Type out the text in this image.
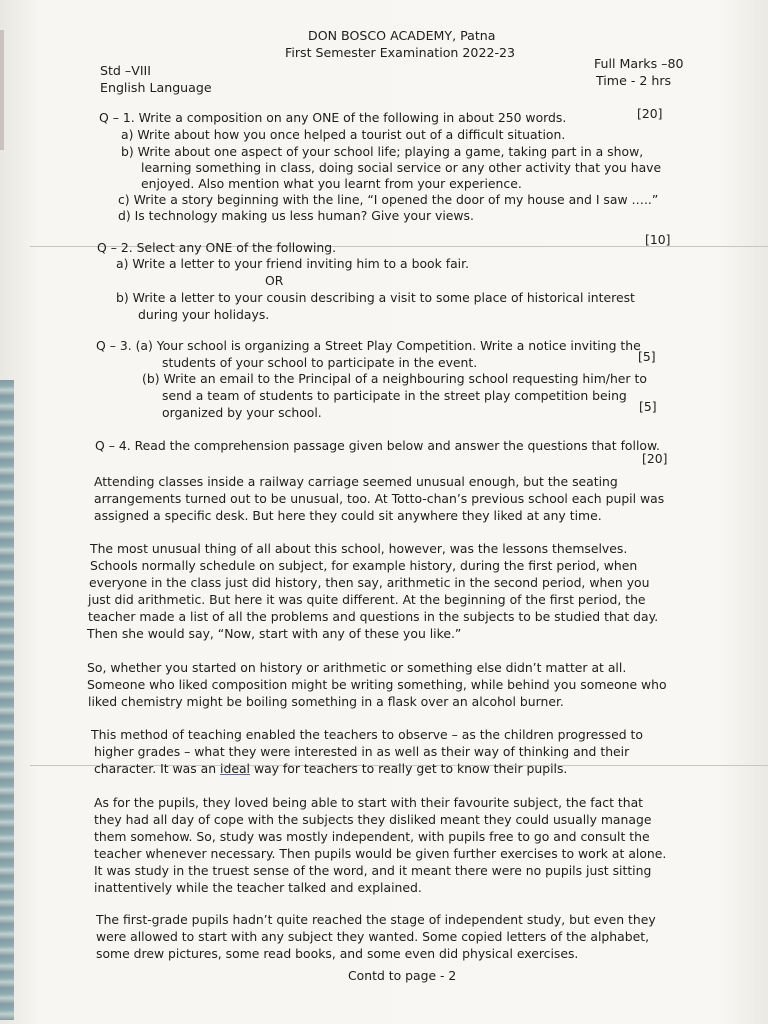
DON BOSCO ACADEMY, Patna
First Semester Examination 2022-23
Std –VIII
English Language
Full Marks –80
Time - 2 hrs
Q – 1. Write a composition on any ONE of the following in about 250 words.	[20]
a) Write about how you once helped a tourist out of a difficult situation.
b) Write about one aspect of your school life; playing a game, taking part in a show,
learning something in class, doing social service or any other activity that you have
enjoyed. Also mention what you learnt from your experience.
c) Write a story beginning with the line, “I opened the door of my house and I saw …..”
d) Is technology making us less human? Give your views.
Q – 2. Select any ONE of the following.
[10]
a) Write a letter to your friend inviting him to a book fair.
OR
b) Write a letter to your cousin describing a visit to some place of historical interest
during your holidays.
Q – 3. (a) Your school is organizing a Street Play Competition. Write a notice inviting the
students of your school to participate in the event.	[5]
(b) Write an email to the Principal of a neighbouring school requesting him/her to
send a team of students to participate in the street play competition being
organized by your school.	[5]
Q – 4. Read the comprehension passage given below and answer the questions that follow.
[20]
Attending classes inside a railway carriage seemed unusual enough, but the seating
arrangements turned out to be unusual, too. At Totto-chan’s previous school each pupil was
assigned a specific desk. But here they could sit anywhere they liked at any time.
The most unusual thing of all about this school, however, was the lessons themselves.
Schools normally schedule on subject, for example history, during the first period, when
everyone in the class just did history, then say, arithmetic in the second period, when you
just did arithmetic. But here it was quite different. At the beginning of the first period, the
teacher made a list of all the problems and questions in the subjects to be studied that day.
Then she would say, “Now, start with any of these you like.”
So, whether you started on history or arithmetic or something else didn’t matter at all.
Someone who liked composition might be writing something, while behind you someone who
liked chemistry might be boiling something in a flask over an alcohol burner.
This method of teaching enabled the teachers to observe – as the children progressed to
higher grades – what they were interested in as well as their way of thinking and their
character. It was an ideal way for teachers to really get to know their pupils.
As for the pupils, they loved being able to start with their favourite subject, the fact that
they had all day of cope with the subjects they disliked meant they could usually manage
them somehow. So, study was mostly independent, with pupils free to go and consult the
teacher whenever necessary. Then pupils would be given further exercises to work at alone.
It was study in the truest sense of the word, and it meant there were no pupils just sitting
inattentively while the teacher talked and explained.
The first-grade pupils hadn’t quite reached the stage of independent study, but even they
were allowed to start with any subject they wanted. Some copied letters of the alphabet,
some drew pictures, some read books, and some even did physical exercises.
Contd to page - 2
